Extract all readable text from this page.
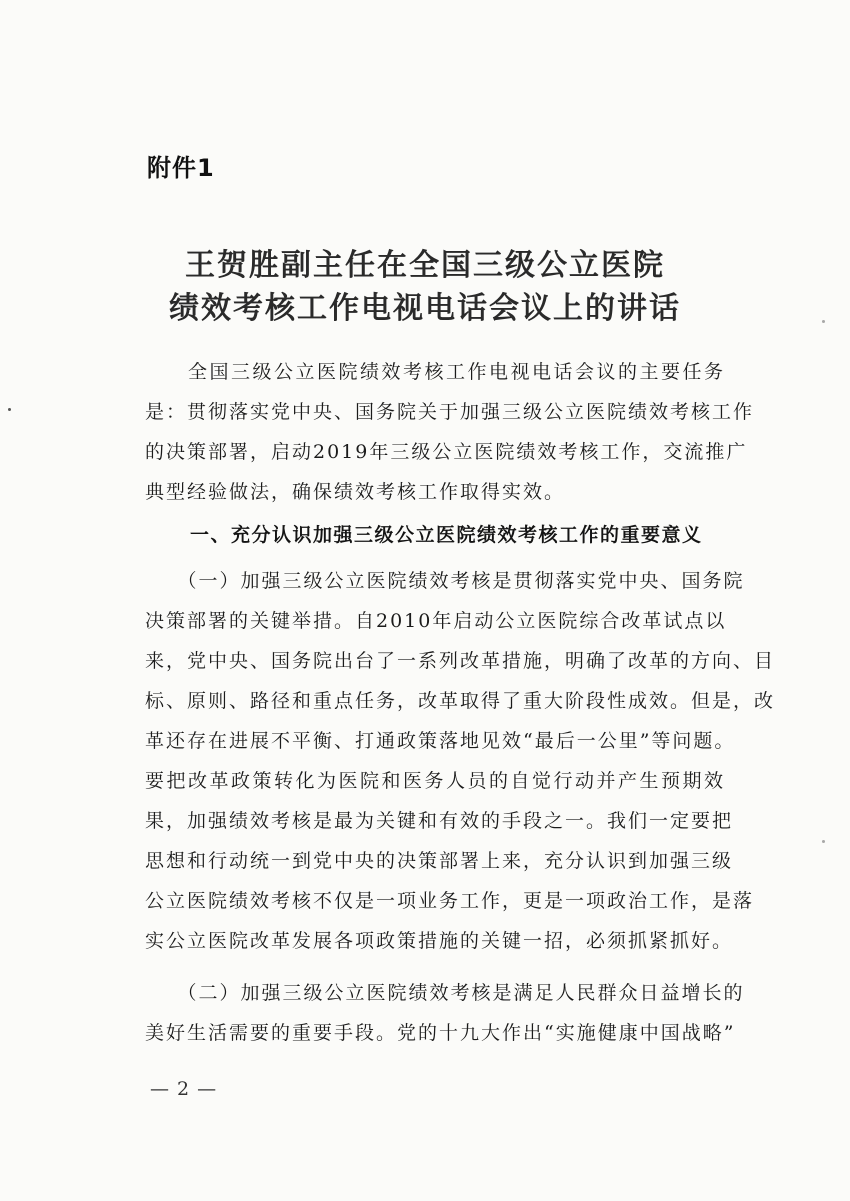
附件1
王贺胜副主任在全国三级公立医院
绩效考核工作电视电话会议上的讲话
　　全国三级公立医院绩效考核工作电视电话会议的主要任务
是：贯彻落实党中央、国务院关于加强三级公立医院绩效考核工作
的决策部署，启动2019年三级公立医院绩效考核工作，交流推广
典型经验做法，确保绩效考核工作取得实效。
一、充分认识加强三级公立医院绩效考核工作的重要意义
　　（一）加强三级公立医院绩效考核是贯彻落实党中央、国务院
决策部署的关键举措。自2010年启动公立医院综合改革试点以
来，党中央、国务院出台了一系列改革措施，明确了改革的方向、目
标、原则、路径和重点任务，改革取得了重大阶段性成效。但是，改
革还存在进展不平衡、打通政策落地见效“最后一公里”等问题。
要把改革政策转化为医院和医务人员的自觉行动并产生预期效
果，加强绩效考核是最为关键和有效的手段之一。我们一定要把
思想和行动统一到党中央的决策部署上来，充分认识到加强三级
公立医院绩效考核不仅是一项业务工作，更是一项政治工作，是落
实公立医院改革发展各项政策措施的关键一招，必须抓紧抓好。
　　（二）加强三级公立医院绩效考核是满足人民群众日益增长的
美好生活需要的重要手段。党的十九大作出“实施健康中国战略”
— 2 —
